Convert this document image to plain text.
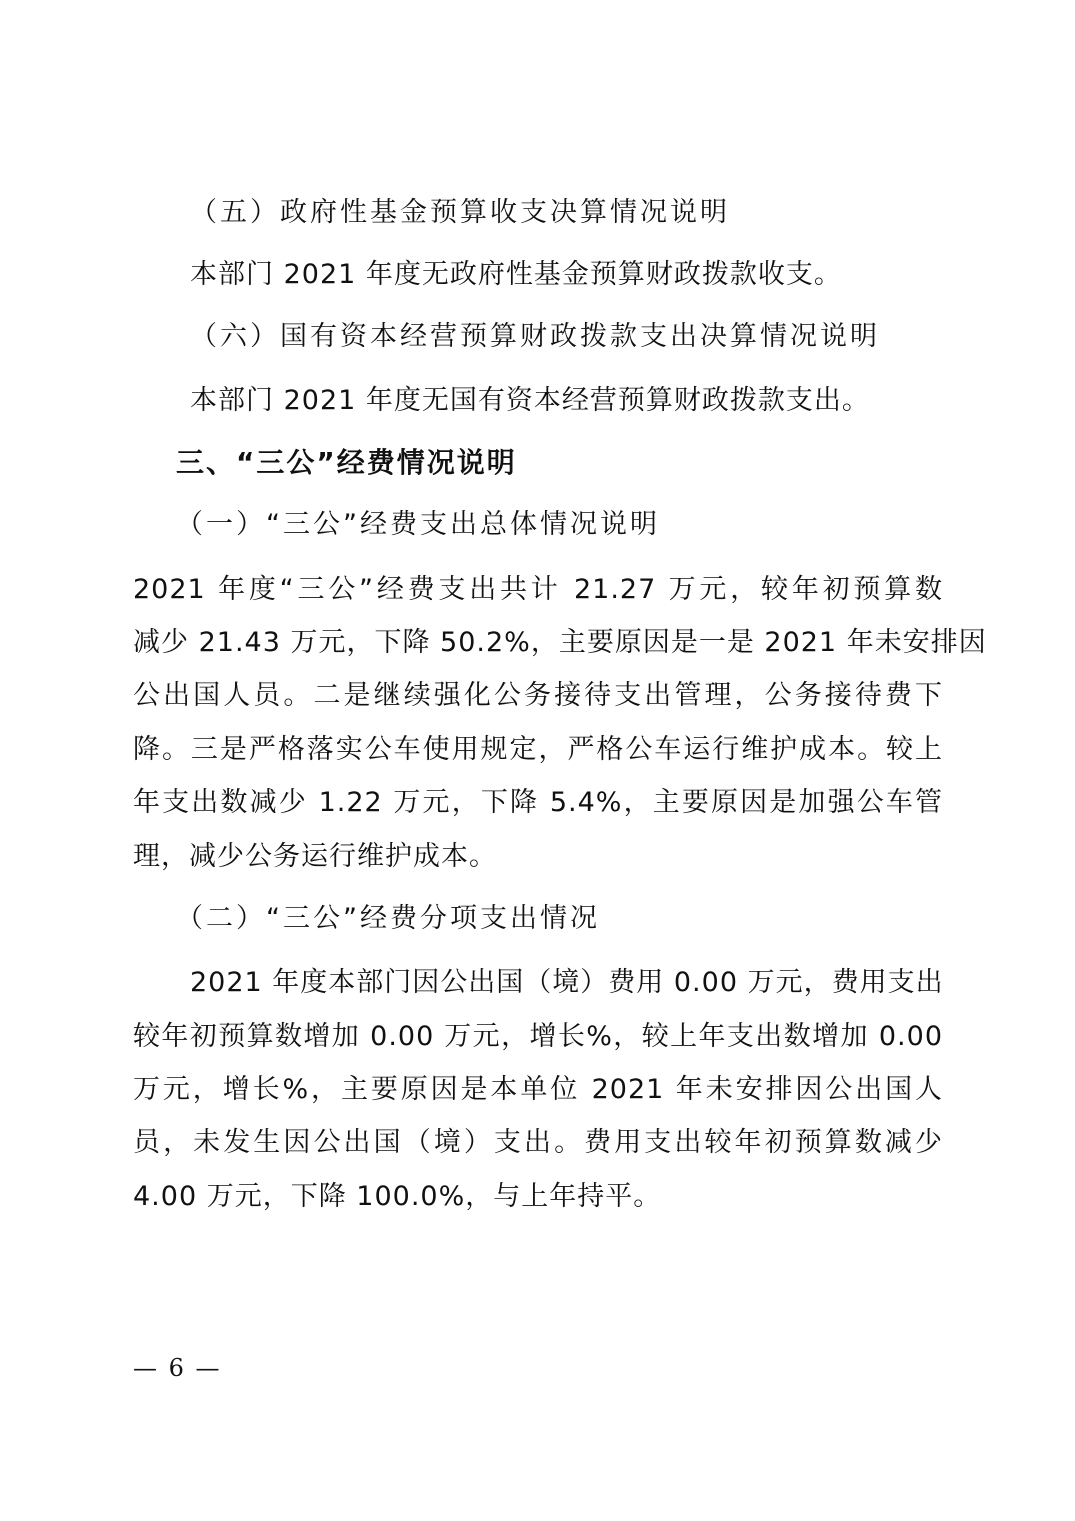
（五）政府性基金预算收支决算情况说明
本部门 2021 年度无政府性基金预算财政拨款收支。
（六）国有资本经营预算财政拨款支出决算情况说明
本部门 2021 年度无国有资本经营预算财政拨款支出。
三、“三公”经费情况说明
（一）“三公”经费支出总体情况说明
2021 年度“三公”经费支出共计 21.27 万元，较年初预算数
减少 21.43 万元，下降 50.2%，主要原因是一是 2021 年未安排因
公出国人员。二是继续强化公务接待支出管理，公务接待费下
降。三是严格落实公车使用规定，严格公车运行维护成本。较上
年支出数减少 1.22 万元，下降 5.4%，主要原因是加强公车管
理，减少公务运行维护成本。
（二）“三公”经费分项支出情况
2021 年度本部门因公出国（境）费用 0.00 万元，费用支出
较年初预算数增加 0.00 万元，增长%，较上年支出数增加 0.00
万元，增长%，主要原因是本单位 2021 年未安排因公出国人
员，未发生因公出国（境）支出。费用支出较年初预算数减少
4.00 万元，下降 100.0%，与上年持平。
— 6 —
